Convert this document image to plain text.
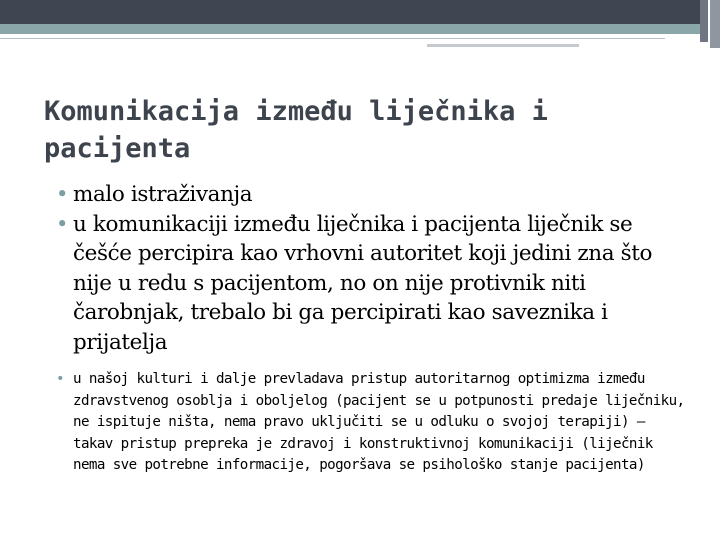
Komunikacija između liječnika i pacijenta
• malo istraživanja
• u komunikaciji između liječnika i pacijenta liječnik se češće percipira kao vrhovni autoritet koji jedini zna što nije u redu s pacijentom, no on nije protivnik niti čarobnjak, trebalo bi ga percipirati kao saveznika i prijatelja
• u našoj kulturi i dalje prevladava pristup autoritarnog optimizma između zdravstvenog osoblja i oboljelog (pacijent se u potpunosti predaje liječniku, ne ispituje ništa, nema pravo uključiti se u odluku o svojoj terapiji) – takav pristup prepreka je zdravoj i konstruktivnoj komunikaciji (liječnik nema sve potrebne informacije, pogoršava se psihološko stanje pacijenta)
